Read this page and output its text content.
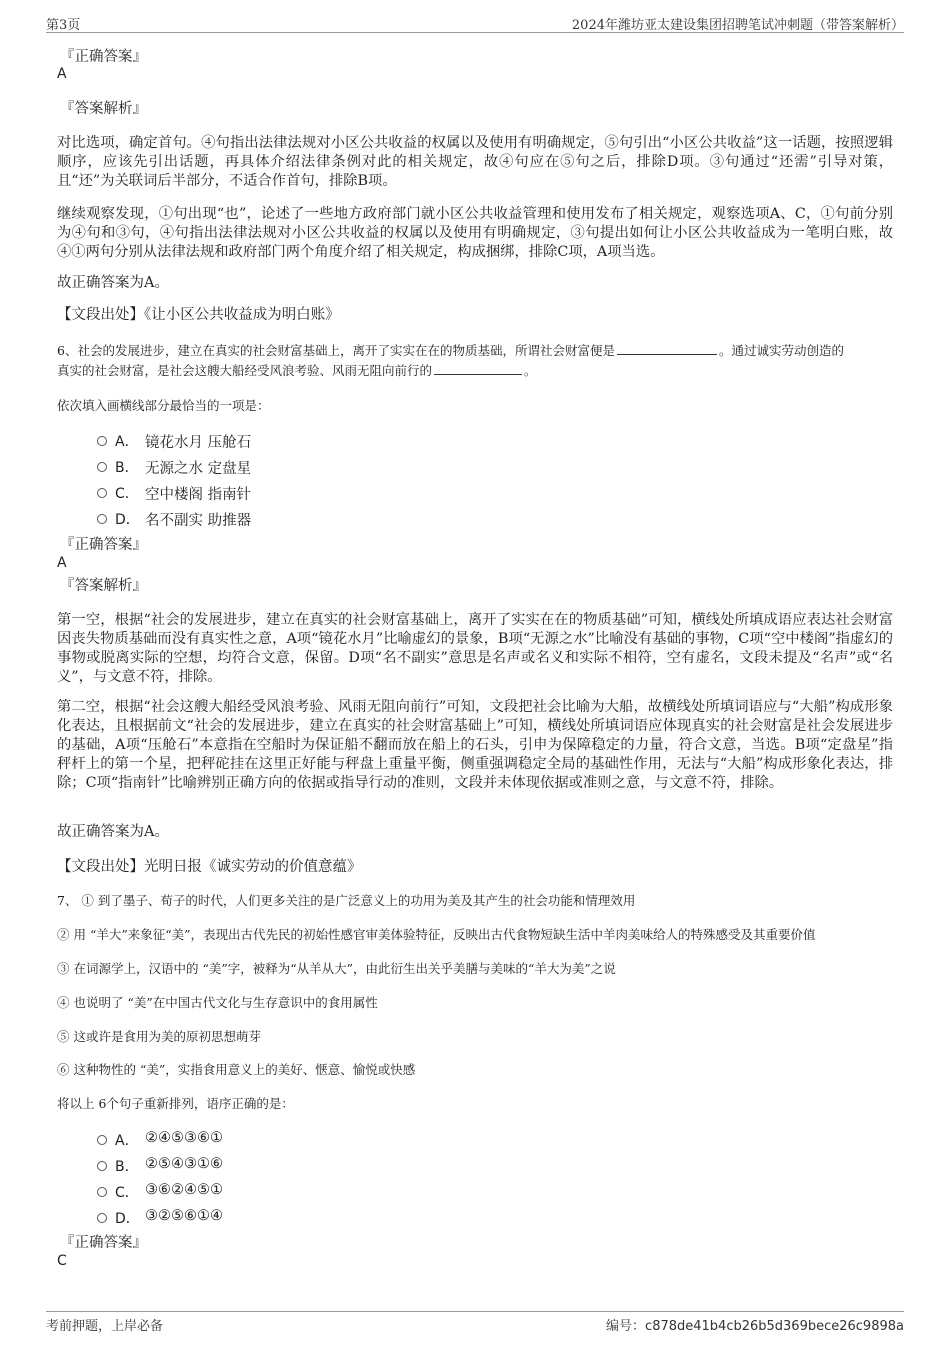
第3页	2024年潍坊亚太建设集团招聘笔试冲刺题（带答案解析）
『正确答案』
A
『答案解析』
对比选项，确定首句。④句指出法律法规对小区公共收益的权属以及使用有明确规定，⑤句引出“小区公共收益”这一话题，按照逻辑顺序，应该先引出话题，再具体介绍法律条例对此的相关规定，故④句应在⑤句之后，排除D项。③句通过“还需”引导对策，且“还”为关联词后半部分，不适合作首句，排除B项。
继续观察发现，①句出现“也”，论述了一些地方政府部门就小区公共收益管理和使用发布了相关规定，观察选项A、C，①句前分别为④句和③句，④句指出法律法规对小区公共收益的权属以及使用有明确规定，③句提出如何让小区公共收益成为一笔明白账，故④①两句分别从法律法规和政府部门两个角度介绍了相关规定，构成捆绑，排除C项，A项当选。
故正确答案为A。
【文段出处】《让小区公共收益成为明白账》
6、社会的发展进步，建立在真实的社会财富基础上，离开了实实在在的物质基础，所谓社会财富便是	。通过诚实劳动创造的
真实的社会财富，是社会这艘大船经受风浪考验、风雨无阻向前行的	。
依次填入画横线部分最恰当的一项是：
A． 镜花水月 压舱石
B． 无源之水 定盘星
C． 空中楼阁 指南针
D． 名不副实 助推器
『正确答案』
A
『答案解析』
第一空，根据“社会的发展进步，建立在真实的社会财富基础上，离开了实实在在的物质基础”可知，横线处所填成语应表达社会财富因丧失物质基础而没有真实性之意，A项“镜花水月”比喻虚幻的景象，B项“无源之水”比喻没有基础的事物，C项“空中楼阁”指虚幻的事物或脱离实际的空想，均符合文意，保留。D项“名不副实”意思是名声或名义和实际不相符，空有虚名，文段未提及“名声”或“名义”，与文意不符，排除。
第二空，根据“社会这艘大船经受风浪考验、风雨无阻向前行”可知，文段把社会比喻为大船，故横线处所填词语应与“大船”构成形象化表达，且根据前文“社会的发展进步，建立在真实的社会财富基础上”可知，横线处所填词语应体现真实的社会财富是社会发展进步的基础，A项“压舱石”本意指在空船时为保证船不翻而放在船上的石头，引申为保障稳定的力量，符合文意，当选。B项“定盘星”指秤杆上的第一个星，把秤砣挂在这里正好能与秤盘上重量平衡，侧重强调稳定全局的基础性作用，无法与“大船”构成形象化表达，排除；C项“指南针”比喻辨别正确方向的依据或指导行动的准则，文段并未体现依据或准则之意，与文意不符，排除。
故正确答案为A。
【文段出处】光明日报《诚实劳动的价值意蕴》
7、 ① 到了墨子、荀子的时代，人们更多关注的是广泛意义上的功用为美及其产生的社会功能和情理效用
② 用 “羊大”来象征“美”，表现出古代先民的初始性感官审美体验特征，反映出古代食物短缺生活中羊肉美味给人的特殊感受及其重要价值
③ 在词源学上，汉语中的 “美”字，被释为“从羊从大”，由此衍生出关乎美膳与美味的“羊大为美”之说
④ 也说明了 “美”在中国古代文化与生存意识中的食用属性
⑤ 这或许是食用为美的原初思想萌芽
⑥ 这种物性的 “美”，实指食用意义上的美好、惬意、愉悦或快感
将以上 6个句子重新排列，语序正确的是：
A． ②④⑤③⑥①
B． ②⑤④③①⑥
C． ③⑥②④⑤①
D． ③②⑤⑥①④
『正确答案』
C
考前押题，上岸必备	编号：c878de41b4cb26b5d369bece26c9898a
